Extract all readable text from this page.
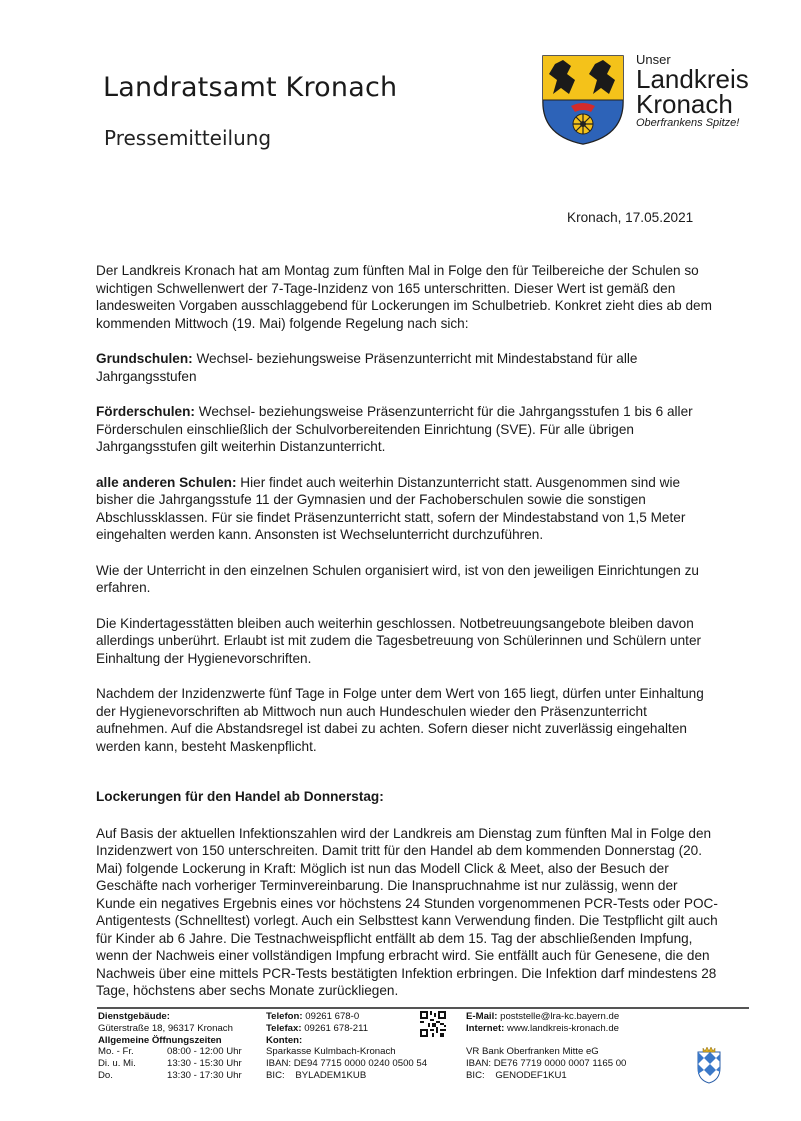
Landratsamt Kronach
Pressemitteilung
Unser
Landkreis
Kronach
Oberfrankens Spitze!
Kronach, 17.05.2021

Der Landkreis Kronach hat am Montag zum fünften Mal in Folge den für Teilbereiche der Schulen so wichtigen Schwellenwert der 7-Tage-Inzidenz von 165 unterschritten. Dieser Wert ist gemäß den landesweiten Vorgaben ausschlaggebend für Lockerungen im Schulbetrieb. Konkret zieht dies ab dem kommenden Mittwoch (19. Mai) folgende Regelung nach sich:

Grundschulen: Wechsel- beziehungsweise Präsenzunterricht mit Mindestabstand für alle Jahrgangsstufen

Förderschulen: Wechsel- beziehungsweise Präsenzunterricht für die Jahrgangsstufen 1 bis 6 aller Förderschulen einschließlich der Schulvorbereitenden Einrichtung (SVE). Für alle übrigen Jahrgangsstufen gilt weiterhin Distanzunterricht.

alle anderen Schulen: Hier findet auch weiterhin Distanzunterricht statt. Ausgenommen sind wie bisher die Jahrgangsstufe 11 der Gymnasien und der Fachoberschulen sowie die sonstigen Abschlussklassen. Für sie findet Präsenzunterricht statt, sofern der Mindestabstand von 1,5 Meter eingehalten werden kann. Ansonsten ist Wechselunterricht durchzuführen.

Wie der Unterricht in den einzelnen Schulen organisiert wird, ist von den jeweiligen Einrichtungen zu erfahren.

Die Kindertagesstätten bleiben auch weiterhin geschlossen. Notbetreuungsangebote bleiben davon allerdings unberührt. Erlaubt ist mit zudem die Tagesbetreuung von Schülerinnen und Schülern unter Einhaltung der Hygienevorschriften.

Nachdem der Inzidenzwerte fünf Tage in Folge unter dem Wert von 165 liegt, dürfen unter Einhaltung der Hygienevorschriften ab Mittwoch nun auch Hundeschulen wieder den Präsenzunterricht aufnehmen. Auf die Abstandsregel ist dabei zu achten. Sofern dieser nicht zuverlässig eingehalten werden kann, besteht Maskenpflicht.

Lockerungen für den Handel ab Donnerstag:

Auf Basis der aktuellen Infektionszahlen wird der Landkreis am Dienstag zum fünften Mal in Folge den Inzidenzwert von 150 unterschreiten. Damit tritt für den Handel ab dem kommenden Donnerstag (20. Mai) folgende Lockerung in Kraft: Möglich ist nun das Modell Click & Meet, also der Besuch der Geschäfte nach vorheriger Terminvereinbarung. Die Inanspruchnahme ist nur zulässig, wenn der Kunde ein negatives Ergebnis eines vor höchstens 24 Stunden vorgenommenen PCR-Tests oder POC-Antigentests (Schnelltest) vorlegt. Auch ein Selbsttest kann Verwendung finden. Die Testpflicht gilt auch für Kinder ab 6 Jahre. Die Testnachweispflicht entfällt ab dem 15. Tag der abschließenden Impfung, wenn der Nachweis einer vollständigen Impfung erbracht wird. Sie entfällt auch für Genesene, die den Nachweis über eine mittels PCR-Tests bestätigten Infektion erbringen. Die Infektion darf mindestens 28 Tage, höchstens aber sechs Monate zurückliegen.

Dienstgebäude:
Güterstraße 18, 96317 Kronach
Allgemeine Öffnungszeiten
Mo. - Fr.	08:00 - 12:00 Uhr
Di. u. Mi.	13:30 - 15:30 Uhr
Do.	13:30 - 17:30 Uhr
Telefon: 09261 678-0
Telefax: 09261 678-211
Konten:
Sparkasse Kulmbach-Kronach
IBAN: DE94 7715 0000 0240 0500 54
BIC:    BYLADEM1KUB
E-Mail: poststelle@lra-kc.bayern.de
Internet: www.landkreis-kronach.de

VR Bank Oberfranken Mitte eG
IBAN: DE76 7719 0000 0007 1165 00
BIC:    GENODEF1KU1
